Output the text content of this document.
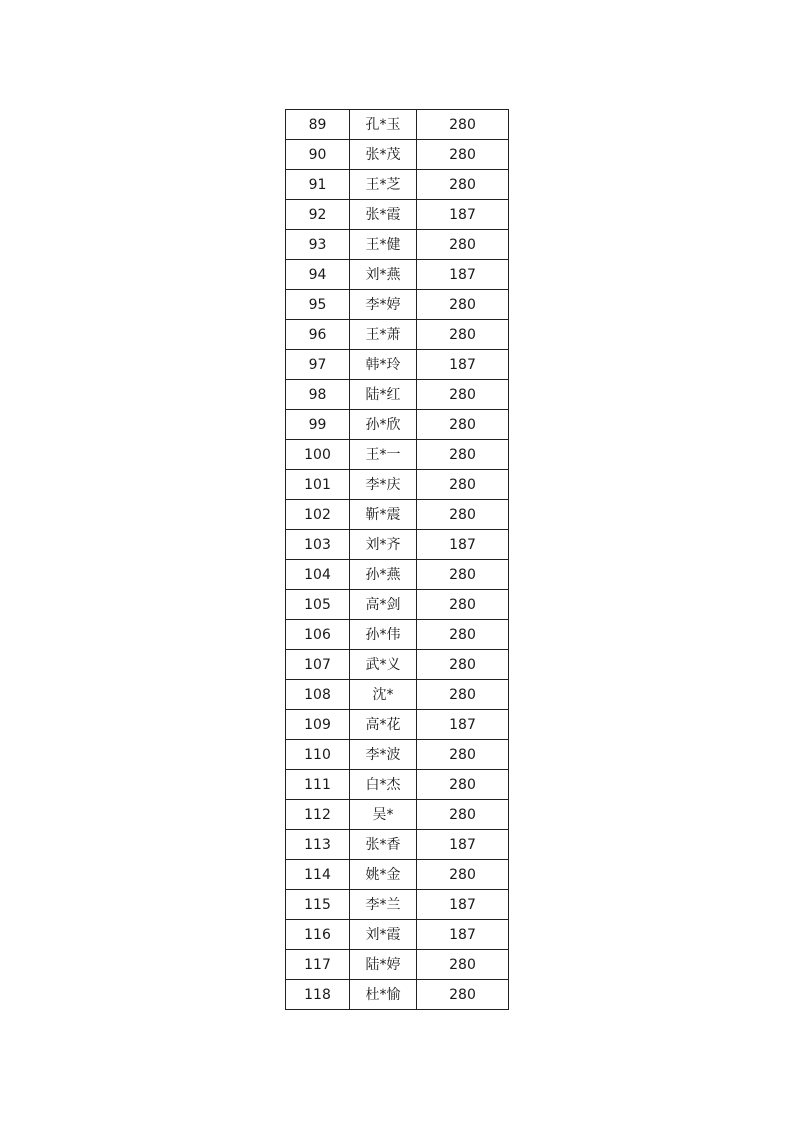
89	孔*玉	280
90	张*茂	280
91	王*芝	280
92	张*霞	187
93	王*健	280
94	刘*燕	187
95	李*婷	280
96	王*萧	280
97	韩*玲	187
98	陆*红	280
99	孙*欣	280
100	王*一	280
101	李*庆	280
102	靳*震	280
103	刘*齐	187
104	孙*燕	280
105	高*剑	280
106	孙*伟	280
107	武*义	280
108	沈*	280
109	高*花	187
110	李*波	280
111	白*杰	280
112	吴*	280
113	张*香	187
114	姚*金	280
115	李*兰	187
116	刘*霞	187
117	陆*婷	280
118	杜*愉	280
